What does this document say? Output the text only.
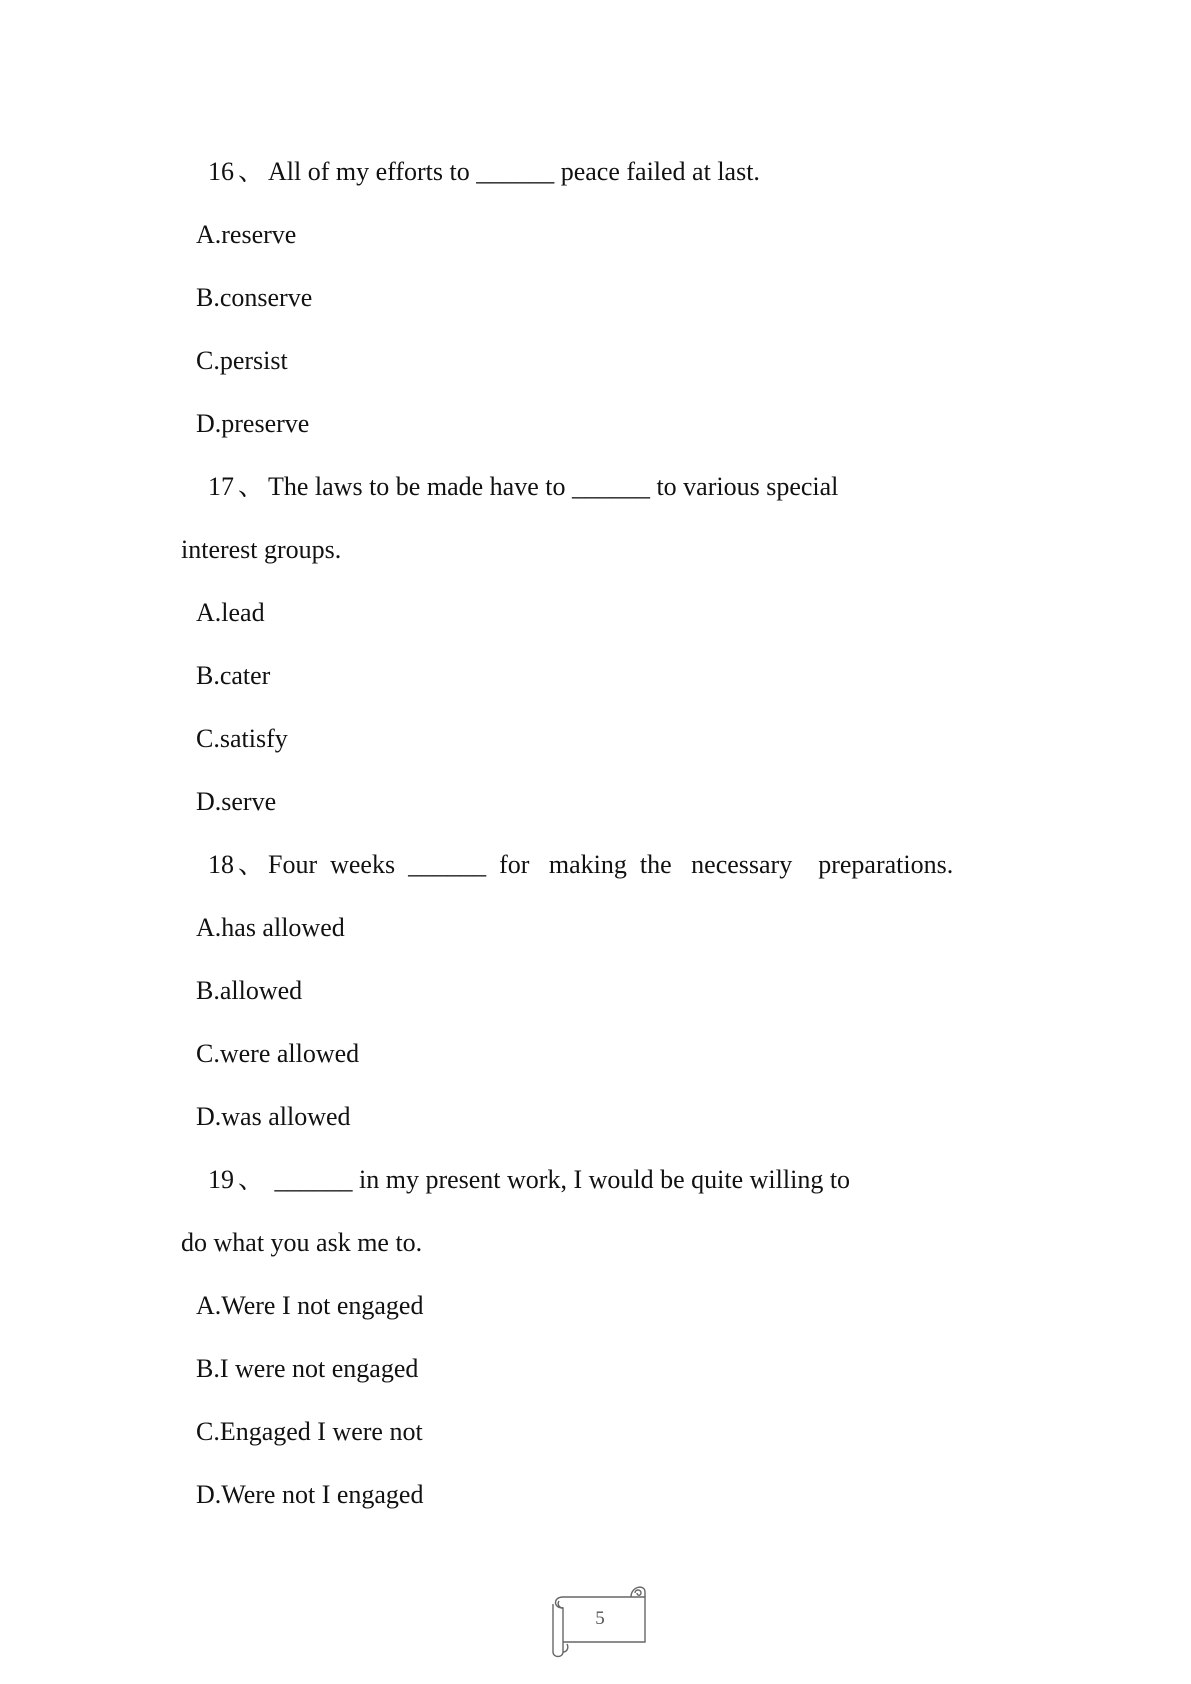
16 、 All of my efforts to ______ peace failed at last.
A.reserve
B.conserve
C.persist
D.preserve
17 、 The laws to be made have to ______ to various special
interest groups.
A.lead
B.cater
C.satisfy
D.serve
18 、 Four  weeks  ______  for   making  the   necessary    preparations.
A.has allowed
B.allowed
C.were allowed
D.was allowed
19 、 ______ in my present work, I would be quite willing to
do what you ask me to.
A.Were I not engaged
B.I were not engaged
C.Engaged I were not
D.Were not I engaged
5
